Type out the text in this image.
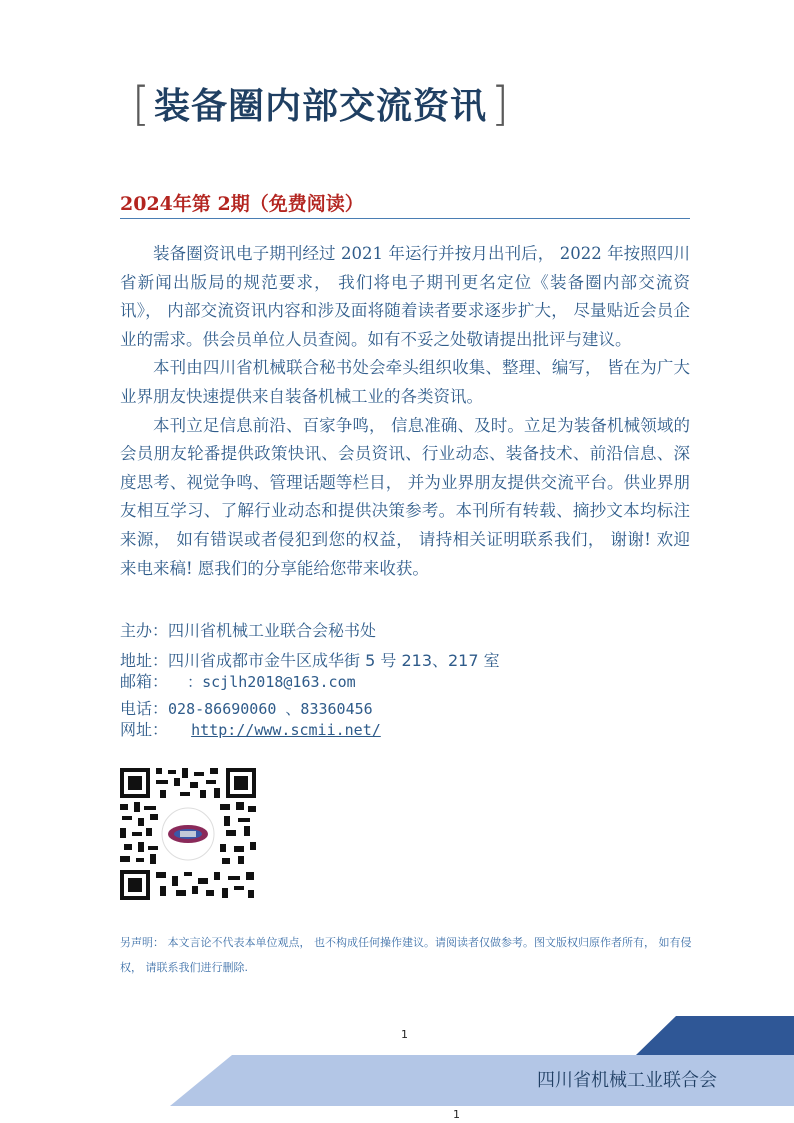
[ 装备圈内部交流资讯 ]
2024年第 2期（免费阅读）

装备圈资讯电子期刊经过 2021 年运行并按月出刊后， 2022 年按照四川省新闻出版局的规范要求， 我们将电子期刊更名定位《装备圈内部交流资讯》， 内部交流资讯内容和涉及面将随着读者要求逐步扩大， 尽量贴近会员企业的需求。供会员单位人员查阅。如有不妥之处敬请提出批评与建议。

本刊由四川省机械联合秘书处会牵头组织收集、整理、编写， 皆在为广大业界朋友快速提供来自装备机械工业的各类资讯。

本刊立足信息前沿、百家争鸣， 信息准确、及时。立足为装备机械领域的会员朋友轮番提供政策快讯、会员资讯、行业动态、装备技术、前沿信息、深度思考、视觉争鸣、管理话题等栏目， 并为业界朋友提供交流平台。供业界朋友相互学习、了解行业动态和提供决策参考。本刊所有转载、摘抄文本均标注来源， 如有错误或者侵犯到您的权益， 请持相关证明联系我们， 谢谢! 欢迎来电来稿! 愿我们的分享能给您带来收获。

主办：四川省机械工业联合会秘书处
地址：四川省成都市金牛区成华街 5 号 213、217 室
邮箱： ：scjlh2018@163.com
电话：028-86690060 、83360456
网址： http://www.scmii.net/
另声明： 本文言论不代表本单位观点， 也不构成任何操作建议。请阅读者仅做参考。图文版权归原作者所有， 如有侵权， 请联系我们进行删除.
1
四川省机械工业联合会
1
